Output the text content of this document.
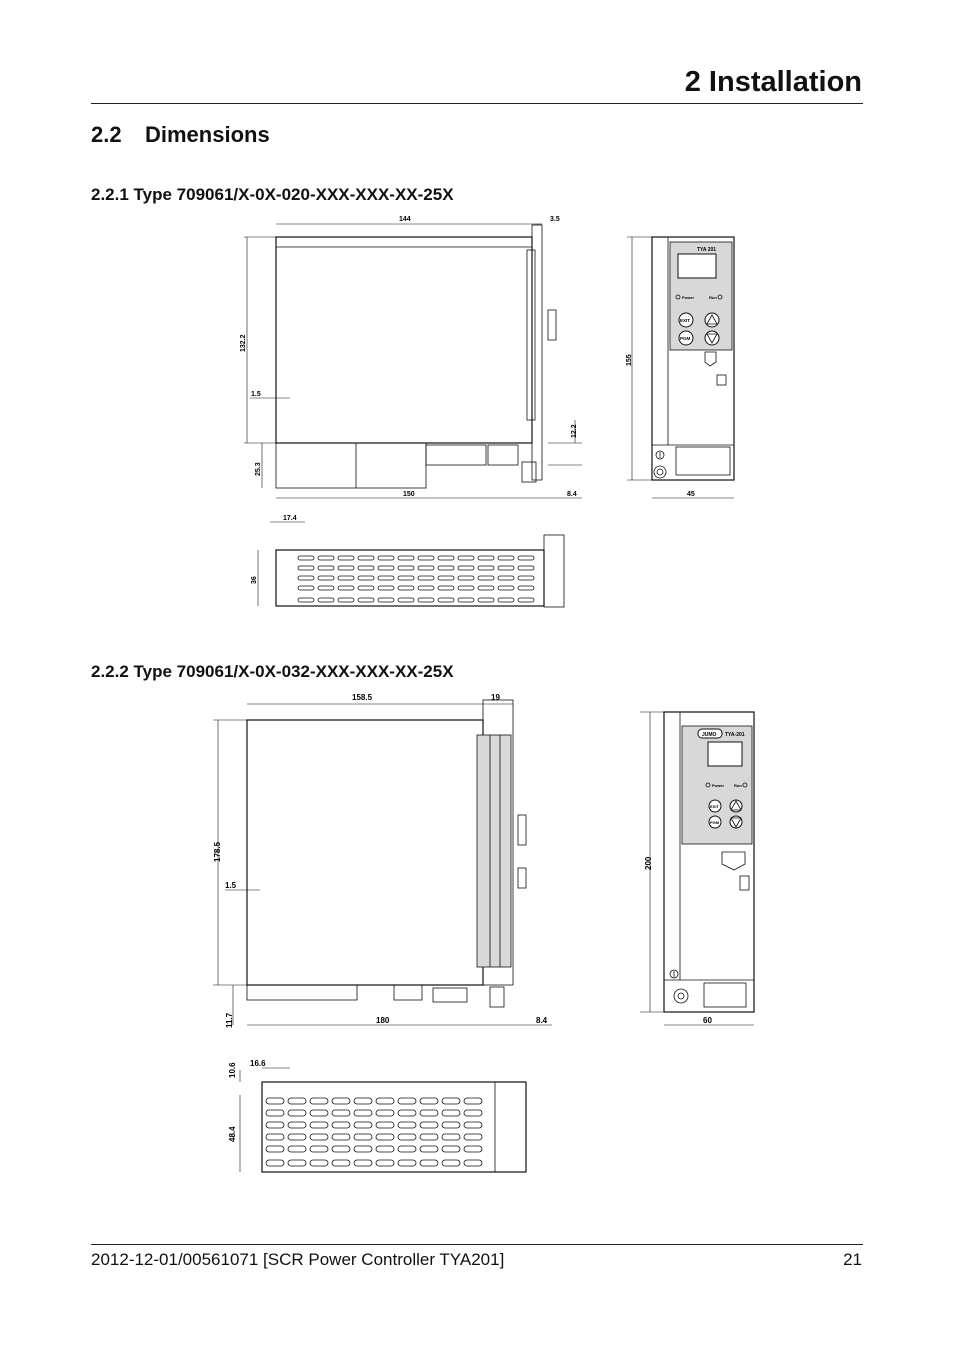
2 Installation
2.2 Dimensions
2.2.1 Type 709061/X-0X-020-XXX-XXX-XX-25X
2.2.2 Type 709061/X-0X-032-XXX-XXX-XX-25X
144	3.5
132.2
1.5
12.2
25.3
150	8.4
TYA 201
Power	Run
EXIT
PGM
155
45
17.4
36
158.5	19
178.5
1.5
11.7	180	8.4
JUMO TYA-201
Power Run
EXIT
PGM
200
60
10.6 16.6
48.4
2012-12-01/00561071 [SCR Power Controller TYA201]	21
